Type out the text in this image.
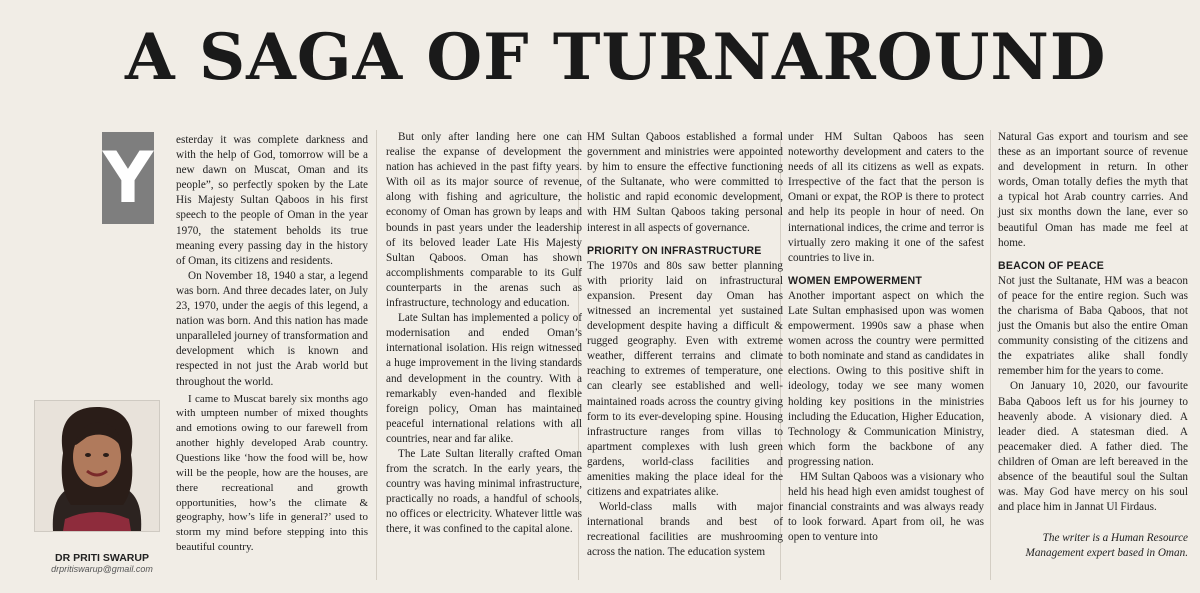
A SAGA OF TURNAROUND
Y esterday it was complete darkness and with the help of God, tomorrow will be a new dawn on Muscat, Oman and its people”, so perfectly spoken by the Late His Majesty Sultan Qaboos in his first speech to the people of Oman in the year 1970, the statement beholds its true meaning every passing day in the history of Oman, its citizens and residents.

On November 18, 1940 a star, a legend was born. And three decades later, on July 23, 1970, under the aegis of this legend, a nation was born. And this nation has made unparalleled journey of transformation and development which is known and respected in not just the Arab world but throughout the world.

I came to Muscat barely six months ago with umpteen number of mixed thoughts and emotions owing to our farewell from another highly developed Arab country. Questions like ‘how the food will be, how will be the people, how are the houses, are there recreational and growth opportunities, how’s the climate & geography, how’s life in general?’ used to storm my mind before stepping into this beautiful country.

DR PRITI SWARUP
drpritiswarup@gmail.com

But only after landing here one can realise the expanse of development the nation has achieved in the past fifty years. With oil as its major source of revenue, along with fishing and agriculture, the economy of Oman has grown by leaps and bounds in past years under the leadership of its beloved leader Late His Majesty Sultan Qaboos. Oman has shown accomplishments comparable to its Gulf counterparts in the arenas such as infrastructure, technology and education.

Late Sultan has implemented a policy of modernisation and ended Oman’s international isolation. His reign witnessed a huge improvement in the living standards and development in the country. With a remarkably even-handed and flexible foreign policy, Oman has maintained peaceful international relations with all countries, near and far alike.

The Late Sultan literally crafted Oman from the scratch. In the early years, the country was having minimal infrastructure, practically no roads, a handful of schools, no offices or electricity. Whatever little was there, it was confined to the capital alone.

HM Sultan Qaboos established a formal government and ministries were appointed by him to ensure the effective functioning of the Sultanate, who were committed to holistic and rapid economic development, with HM Sultan Qaboos taking personal interest in all aspects of governance.

PRIORITY ON INFRASTRUCTURE

The 1970s and 80s saw better planning with priority laid on infrastructural expansion. Present day Oman has witnessed an incremental yet sustained development despite having a difficult & rugged geography. Even with extreme weather, different terrains and climate reaching to extremes of temperature, one can clearly see established and well-maintained roads across the country giving form to its ever-developing spine. Housing infrastructure ranges from villas to apartment complexes with lush green gardens, world-class facilities and amenities making the place ideal for the citizens and expatriates alike.

World-class malls with major international brands and best of recreational facilities are mushrooming across the nation. The education system

under HM Sultan Qaboos has seen noteworthy development and caters to the needs of all its citizens as well as expats. Irrespective of the fact that the person is Omani or expat, the ROP is there to protect and help its people in hour of need. On international indices, the crime and terror is virtually zero making it one of the safest countries to live in.

WOMEN EMPOWERMENT

Another important aspect on which the Late Sultan emphasised upon was women empowerment. 1990s saw a phase when women across the country were permitted to both nominate and stand as candidates in elections. Owing to this positive shift in ideology, today we see many women holding key positions in the ministries including the Education, Higher Education, Technology & Communication Ministry, which form the backbone of any progressing nation.

HM Sultan Qaboos was a visionary who held his head high even amidst toughest of financial constraints and was always ready to look forward. Apart from oil, he was open to venture into

Natural Gas export and tourism and see these as an important source of revenue and development in return. In other words, Oman totally defies the myth that a typical hot Arab country carries. And just six months down the lane, ever so beautiful Oman has made me feel at home.

BEACON OF PEACE

Not just the Sultanate, HM was a beacon of peace for the entire region. Such was the charisma of Baba Qaboos, that not just the Omanis but also the entire Oman community consisting of the citizens and the expatriates alike shall fondly remember him for the years to come.

On January 10, 2020, our favourite Baba Qaboos left us for his journey to heavenly abode. A visionary died. A leader died. A statesman died. A peacemaker died. A father died. The children of Oman are left bereaved in the absence of the beautiful soul the Sultan was. May God have mercy on his soul and place him in Jannat Ul Firdaus.

The writer is a Human Resource Management expert based in Oman.
